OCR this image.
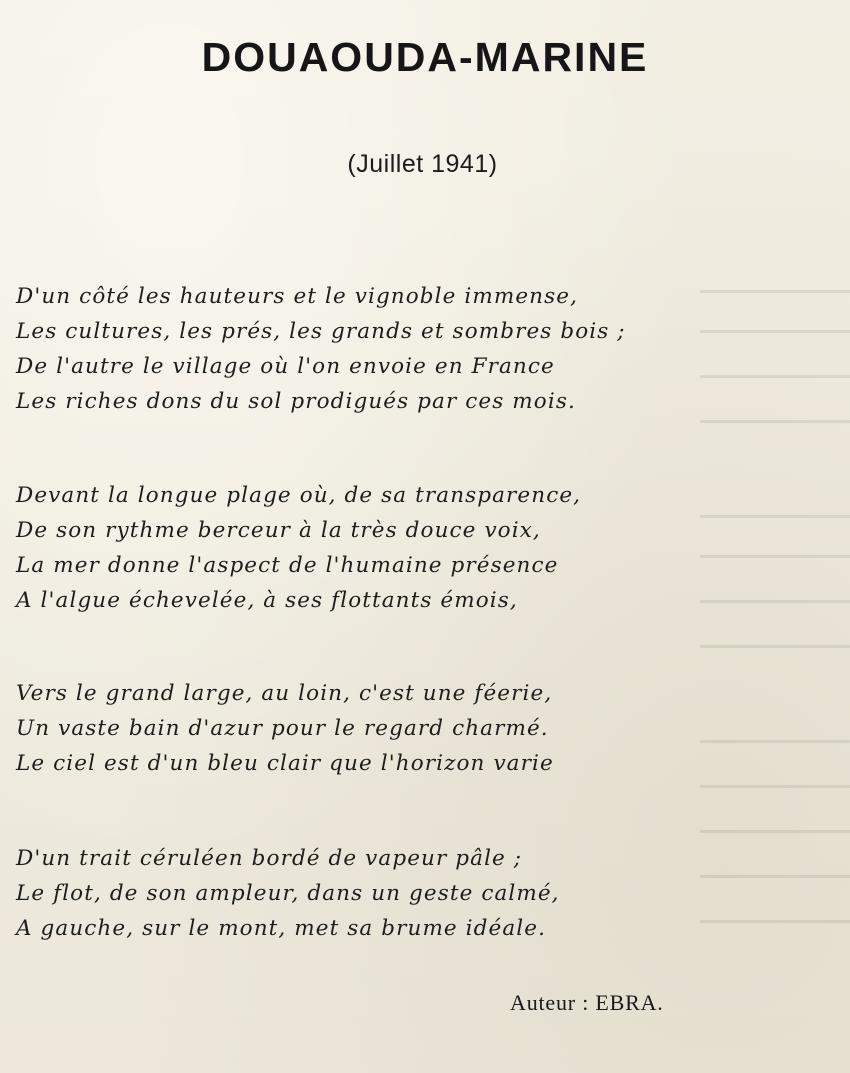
DOUAOUDA-MARINE
(Juillet 1941)
D'un côté les hauteurs et le vignoble immense,
Les cultures, les prés, les grands et sombres bois ;
De l'autre le village où l'on envoie en France
Les riches dons du sol prodigués par ces mois.
Devant la longue plage où, de sa transparence,
De son rythme berceur à la très douce voix,
La mer donne l'aspect de l'humaine présence
A l'algue échevelée, à ses flottants émois,
Vers le grand large, au loin, c'est une féerie,
Un vaste bain d'azur pour le regard charmé.
Le ciel est d'un bleu clair que l'horizon varie
D'un trait céruléen bordé de vapeur pâle ;
Le flot, de son ampleur, dans un geste calmé,
A gauche, sur le mont, met sa brume idéale.
Auteur : EBRA.
